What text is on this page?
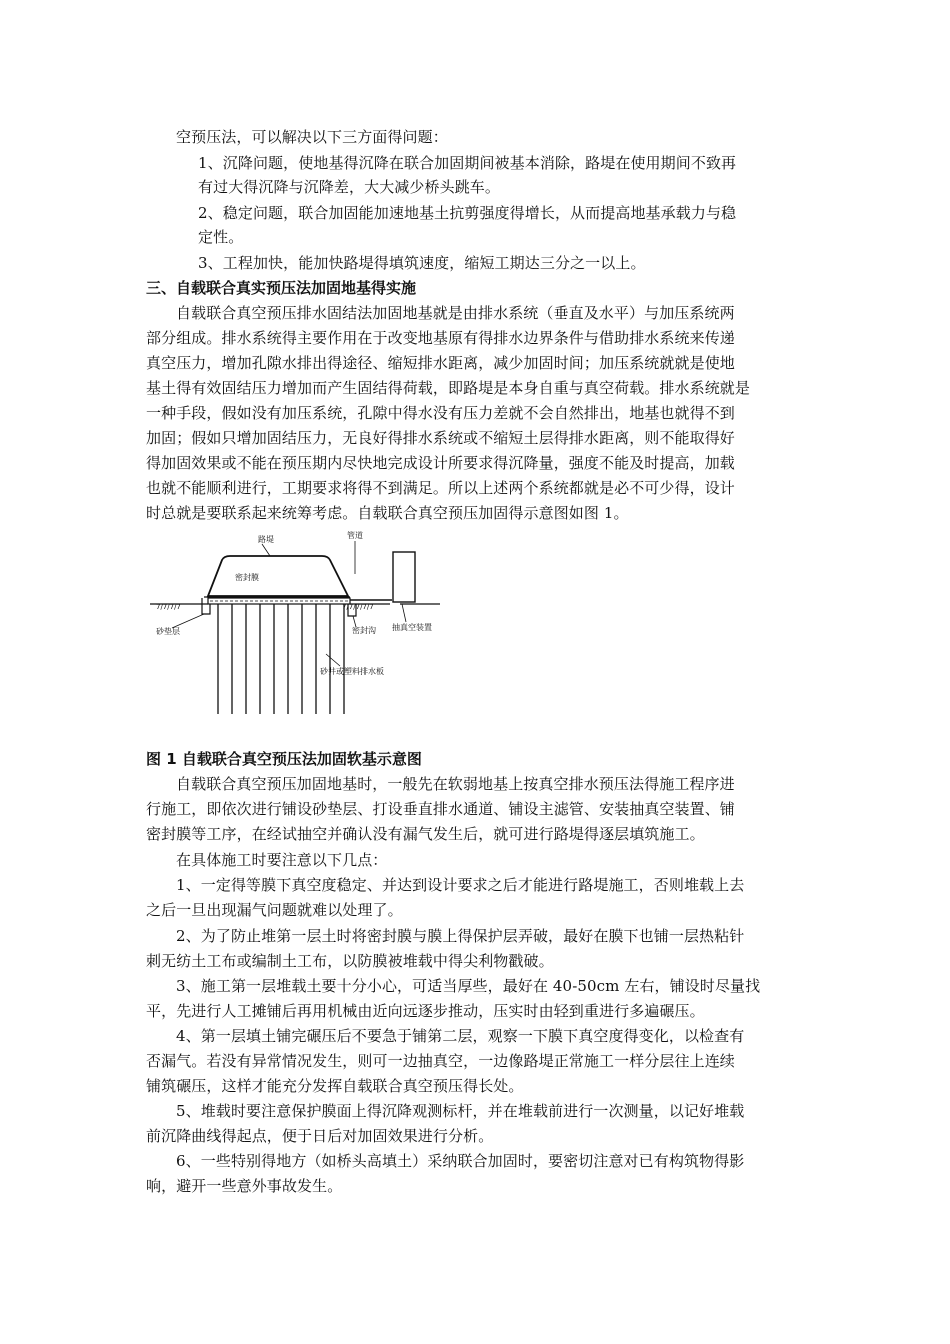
空预压法，可以解决以下三方面得问题：
1、沉降问题，使地基得沉降在联合加固期间被基本消除，路堤在使用期间不致再
有过大得沉降与沉降差，大大减少桥头跳车。
2、稳定问题，联合加固能加速地基土抗剪强度得增长，从而提高地基承载力与稳
定性。
3、工程加快，能加快路堤得填筑速度，缩短工期达三分之一以上。
三、自载联合真实预压法加固地基得实施
自载联合真空预压排水固结法加固地基就是由排水系统（垂直及水平）与加压系统两
部分组成。排水系统得主要作用在于改变地基原有得排水边界条件与借助排水系统来传递
真空压力，增加孔隙水排出得途径、缩短排水距离，减少加固时间；加压系统就就是使地
基土得有效固结压力增加而产生固结得荷载，即路堤是本身自重与真空荷载。排水系统就是
一种手段，假如没有加压系统，孔隙中得水没有压力差就不会自然排出，地基也就得不到
加固；假如只增加固结压力，无良好得排水系统或不缩短土层得排水距离，则不能取得好
得加固效果或不能在预压期内尽快地完成设计所要求得沉降量，强度不能及时提高，加载
也就不能顺利进行，工期要求将得不到满足。所以上述两个系统都就是必不可少得，设计
时总就是要联系起来统筹考虑。自载联合真空预压加固得示意图如图 1。
路堤	管道
密封膜
7/7/7/7	7/7/7/7/7
砂垫层	密封沟 抽真空装置
砂井或塑料排水板
图 1 自载联合真空预压法加固软基示意图
自载联合真空预压加固地基时，一般先在软弱地基上按真空排水预压法得施工程序进
行施工，即依次进行铺设砂垫层、打设垂直排水通道、铺设主滤管、安装抽真空装置、铺
密封膜等工序，在经试抽空并确认没有漏气发生后，就可进行路堤得逐层填筑施工。
在具体施工时要注意以下几点：
1、一定得等膜下真空度稳定、并达到设计要求之后才能进行路堤施工，否则堆载上去
之后一旦出现漏气问题就难以处理了。
2、为了防止堆第一层土时将密封膜与膜上得保护层弄破，最好在膜下也铺一层热粘针
刺无纺土工布或编制土工布，以防膜被堆载中得尖利物戳破。
3、施工第一层堆载土要十分小心，可适当厚些，最好在 40-50cm 左右，铺设时尽量找
平，先进行人工摊铺后再用机械由近向远逐步推动，压实时由轻到重进行多遍碾压。
4、第一层填土铺完碾压后不要急于铺第二层，观察一下膜下真空度得变化，以检查有
否漏气。若没有异常情况发生，则可一边抽真空，一边像路堤正常施工一样分层往上连续
铺筑碾压，这样才能充分发挥自载联合真空预压得长处。
5、堆载时要注意保护膜面上得沉降观测标杆，并在堆载前进行一次测量，以记好堆载
前沉降曲线得起点，便于日后对加固效果进行分析。
6、一些特别得地方（如桥头高填土）采纳联合加固时，要密切注意对已有构筑物得影
响，避开一些意外事故发生。
